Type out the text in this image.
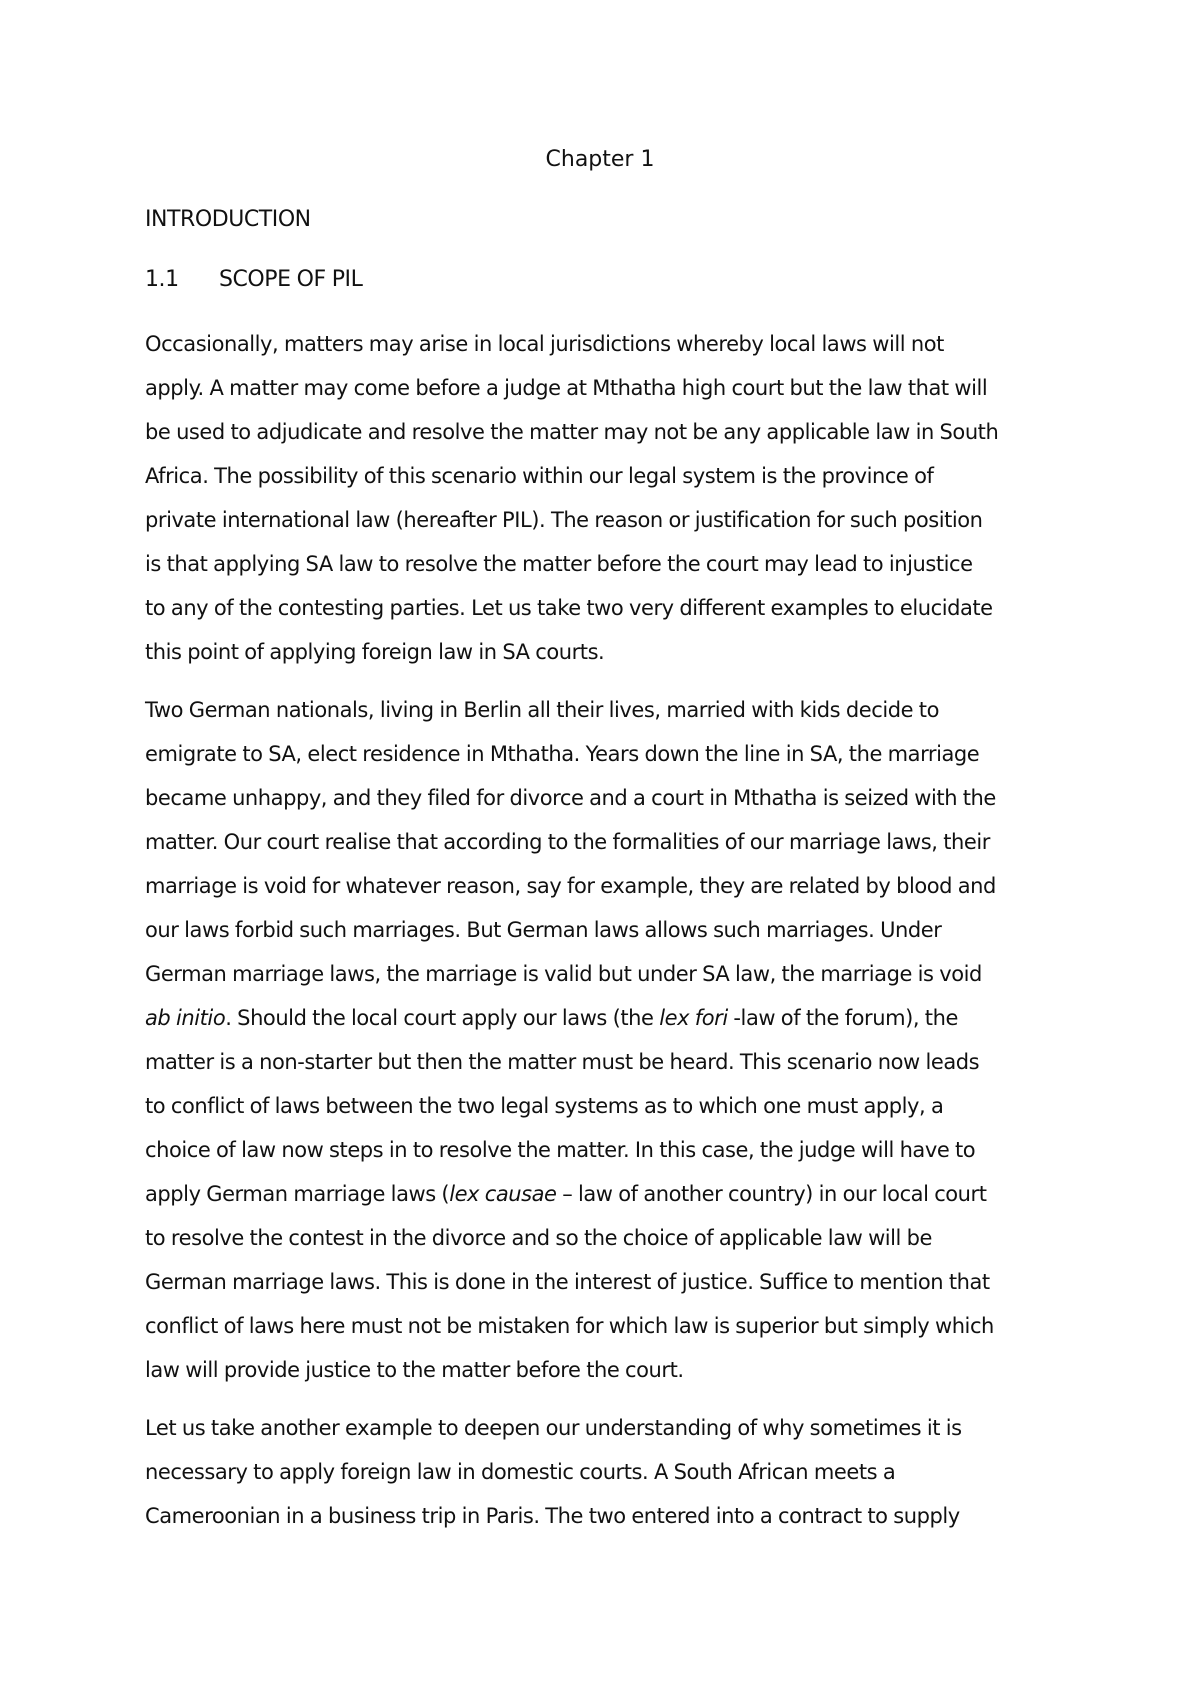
Chapter 1
INTRODUCTION
1.1 SCOPE OF PIL
Occasionally, matters may arise in local jurisdictions whereby local laws will not
apply. A matter may come before a judge at Mthatha high court but the law that will
be used to adjudicate and resolve the matter may not be any applicable law in South
Africa. The possibility of this scenario within our legal system is the province of
private international law (hereafter PIL). The reason or justification for such position
is that applying SA law to resolve the matter before the court may lead to injustice
to any of the contesting parties. Let us take two very different examples to elucidate
this point of applying foreign law in SA courts.
Two German nationals, living in Berlin all their lives, married with kids decide to
emigrate to SA, elect residence in Mthatha. Years down the line in SA, the marriage
became unhappy, and they filed for divorce and a court in Mthatha is seized with the
matter. Our court realise that according to the formalities of our marriage laws, their
marriage is void for whatever reason, say for example, they are related by blood and
our laws forbid such marriages. But German laws allows such marriages. Under
German marriage laws, the marriage is valid but under SA law, the marriage is void
ab initio. Should the local court apply our laws (the lex fori -law of the forum), the
matter is a non-starter but then the matter must be heard. This scenario now leads
to conflict of laws between the two legal systems as to which one must apply, a
choice of law now steps in to resolve the matter. In this case, the judge will have to
apply German marriage laws (lex causae – law of another country) in our local court
to resolve the contest in the divorce and so the choice of applicable law will be
German marriage laws. This is done in the interest of justice. Suffice to mention that
conflict of laws here must not be mistaken for which law is superior but simply which
law will provide justice to the matter before the court.
Let us take another example to deepen our understanding of why sometimes it is
necessary to apply foreign law in domestic courts. A South African meets a
Cameroonian in a business trip in Paris. The two entered into a contract to supply
